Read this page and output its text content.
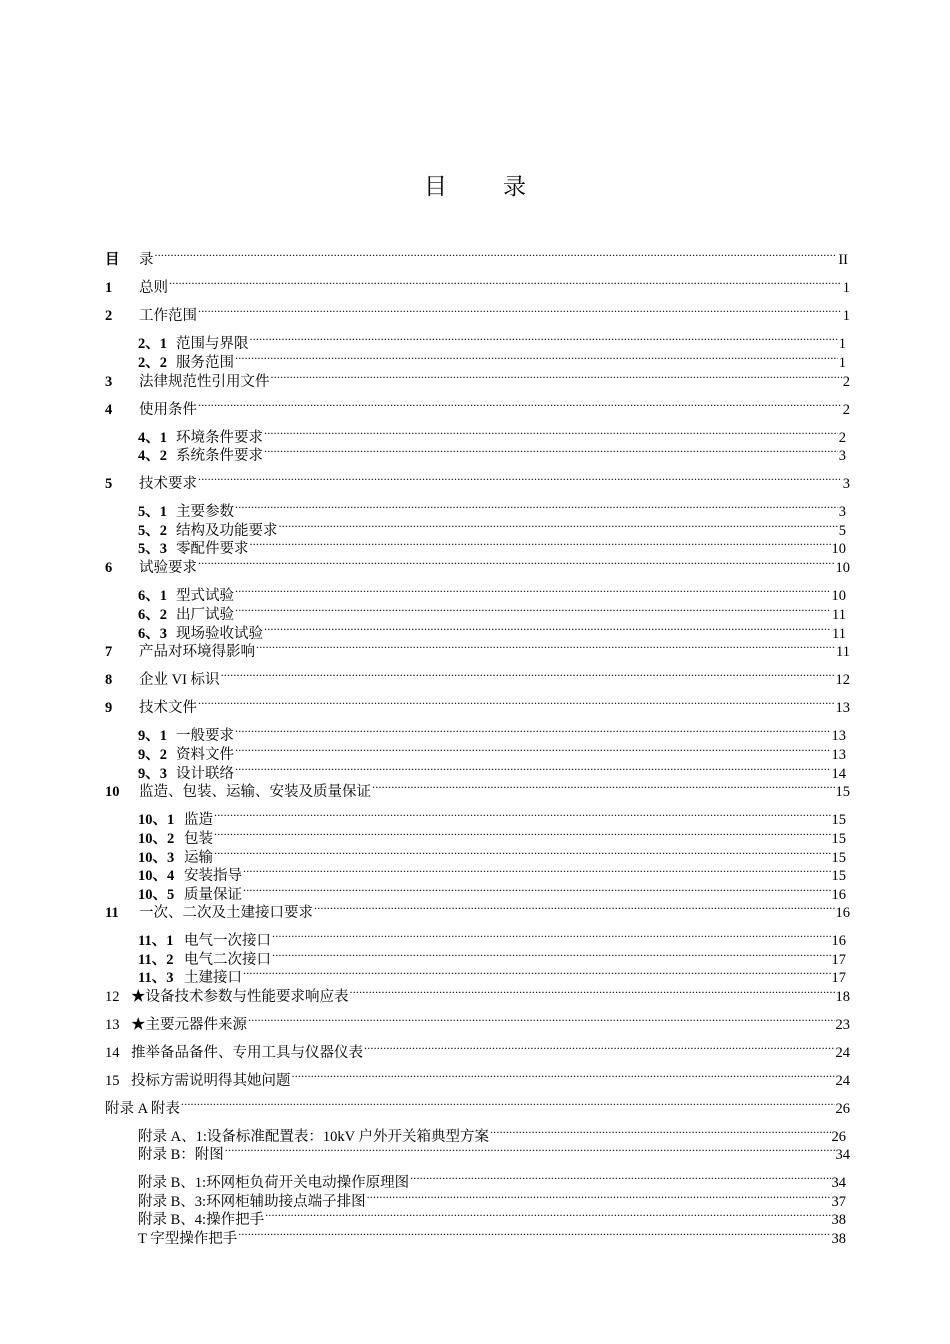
目 录
目	录 .....	II
1	总则 .....	1
2	工作范围 .....	1
2、1 范围与界限 .....	1
2、2 服务范围 .....	1
3	法律规范性引用文件 .....	2
4	使用条件 .....	2
4、1 环境条件要求 .....	2
4、2 系统条件要求 .....	3
5	技术要求 .....	3
5、1 主要参数 .....	3
5、2 结构及功能要求 .....	5
5、3 零配件要求 .....	10
6	试验要求 .....	10
6、1 型式试验 .....	10
6、2 出厂试验 .....	11
6、3 现场验收试验 .....	11
7	产品对环境得影响 .....	11
8	企业 VI 标识 .....	12
9	技术文件 .....	13
9、1 一般要求 .....	13
9、2 资料文件 .....	13
9、3 设计联络 .....	14
10	监造、包装、运输、安装及质量保证 .....	15
10、1 监造 .....	15
10、2 包装 .....	15
10、3 运输 .....	15
10、4 安装指导 .....	15
10、5 质量保证 .....	16
11	一次、二次及土建接口要求 .....	16
11、1 电气一次接口 .....	16
11、2 电气二次接口 .....	17
11、3 土建接口 .....	17
12 ★设备技术参数与性能要求响应表 .....	18
13 ★主要元器件来源 .....	23
14 推举备品备件、专用工具与仪器仪表 .....	24
15 投标方需说明得其她问题 .....	24
附录 A 附表 .....	26
附录 A、1:设备标准配置表：10kV 户外开关箱典型方案 .....	26
附录 B：附图 .....	34
附录 B、1:环网柜负荷开关电动操作原理图 .....	34
附录 B、3:环网柜辅助接点端子排图 .....	37
附录 B、4:操作把手 .....	38
T 字型操作把手 .....	38
